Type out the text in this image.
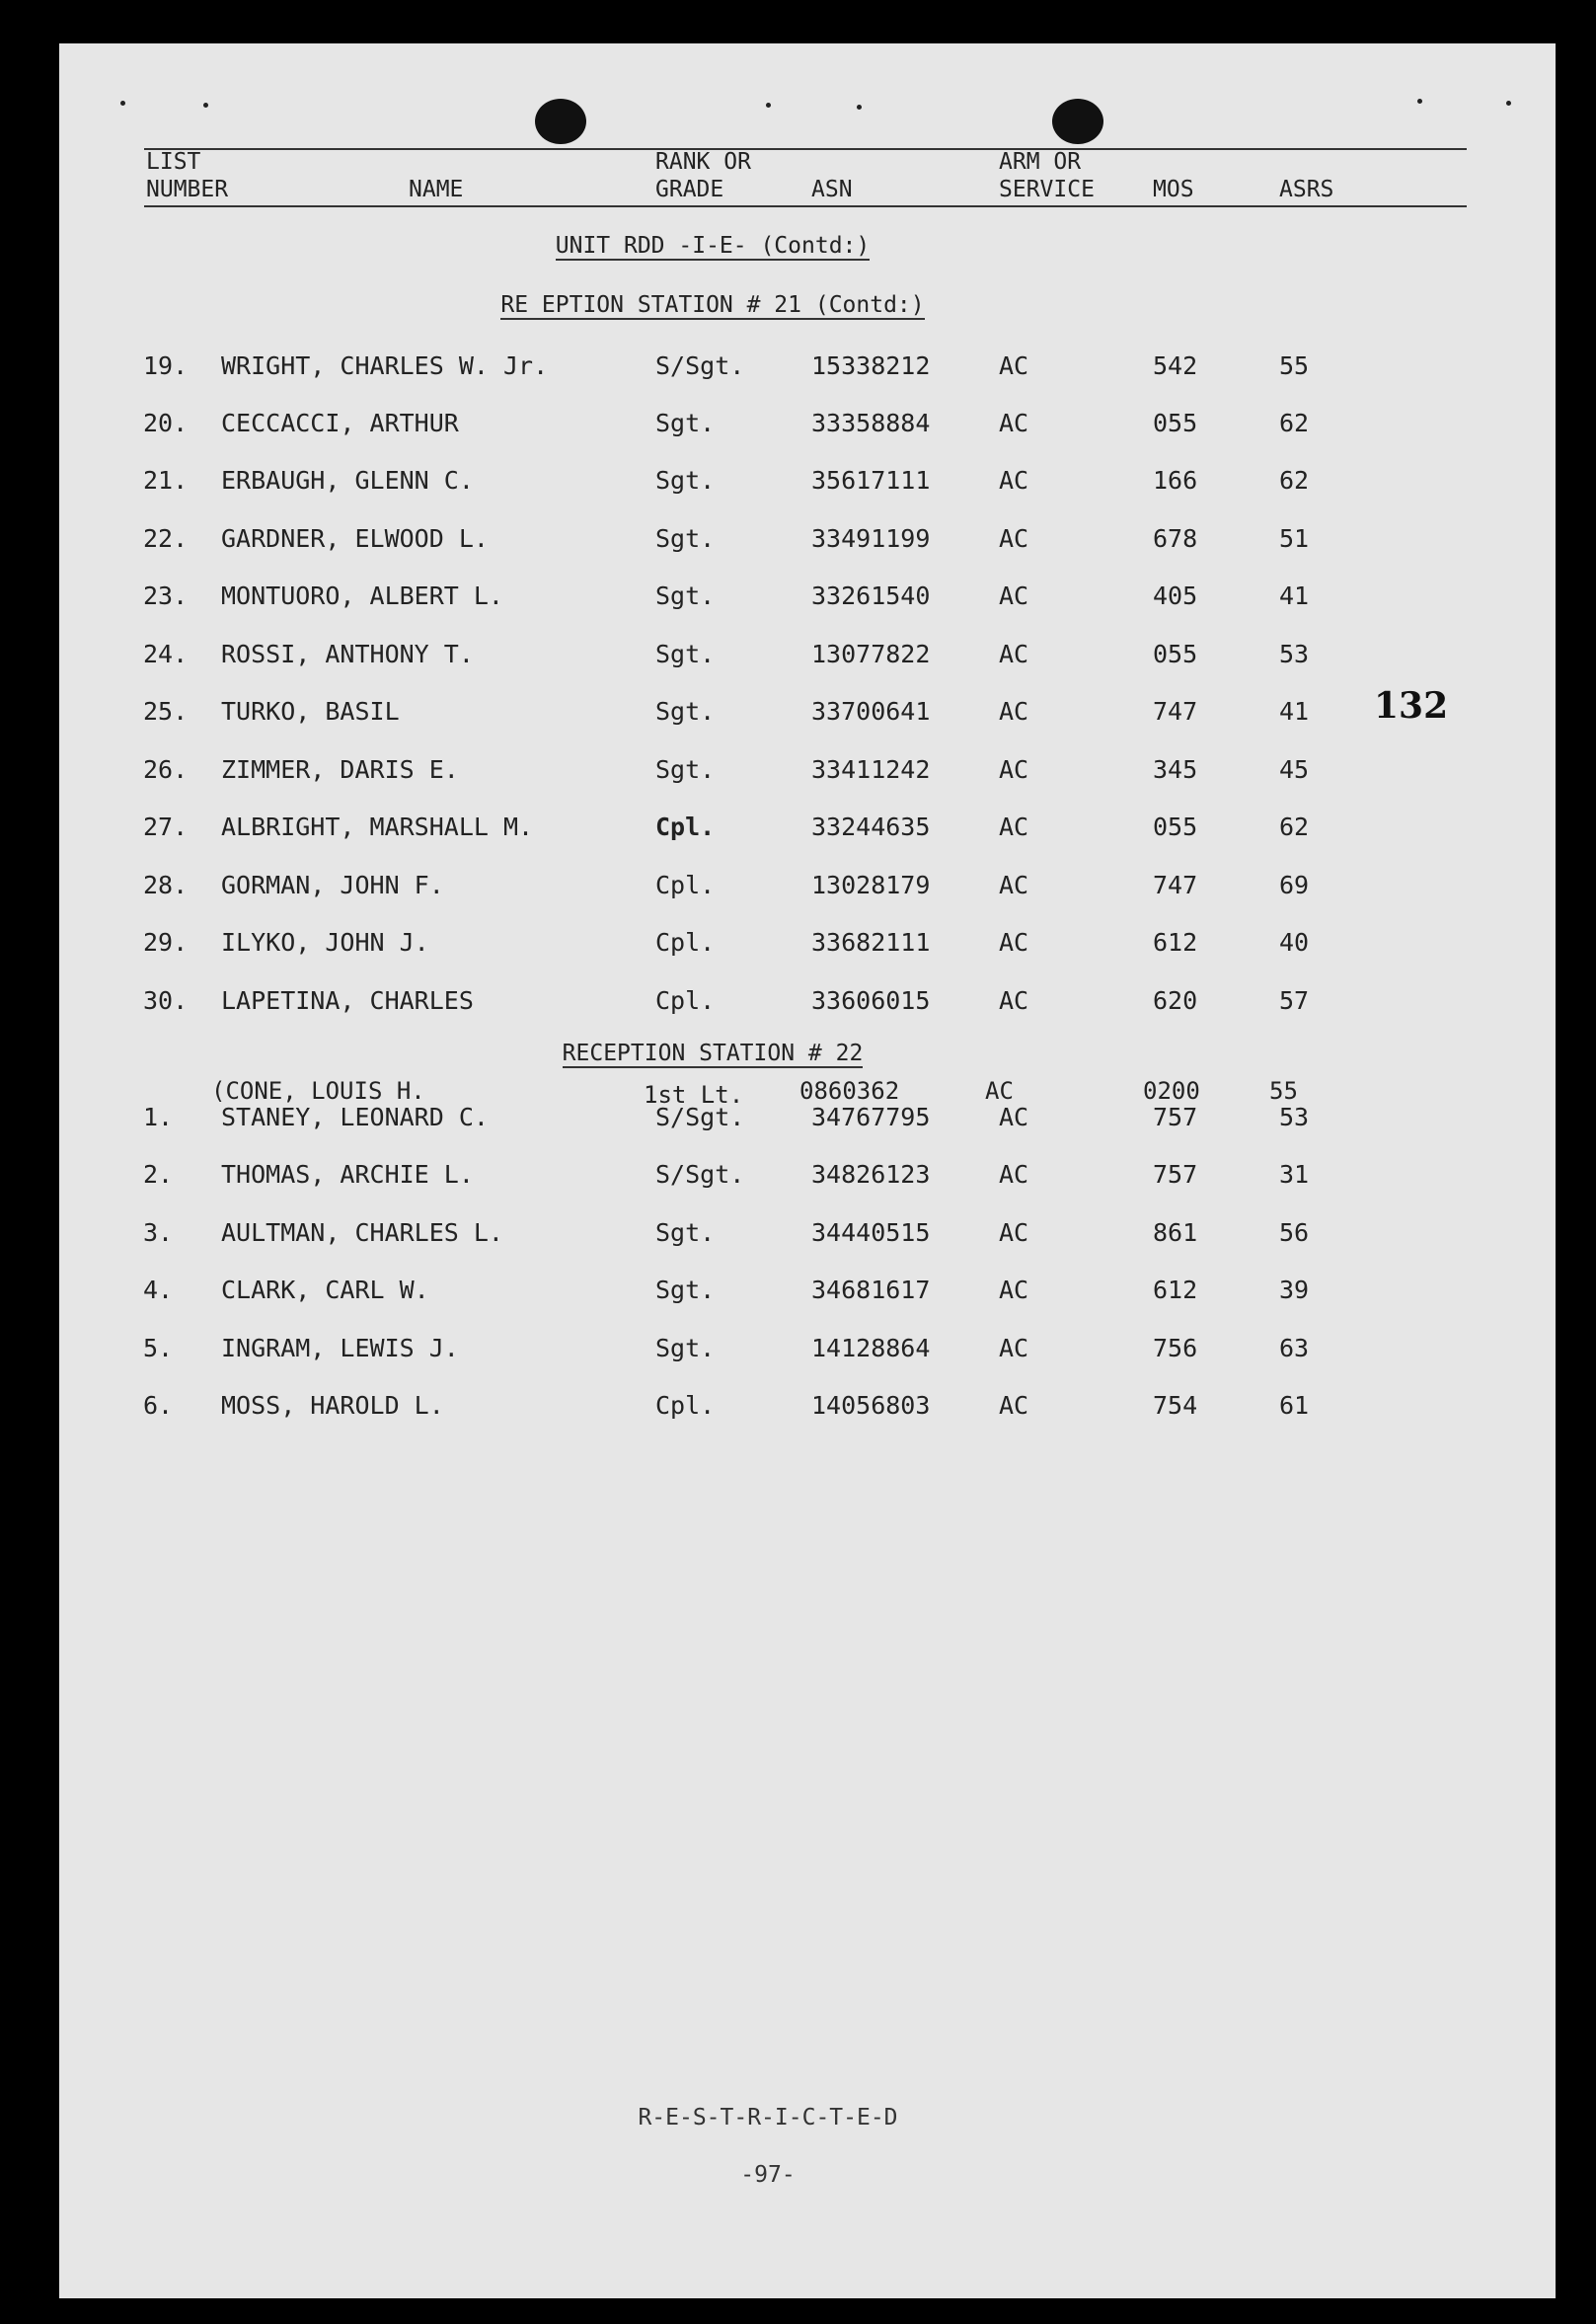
LIST
NUMBER	NAME
RANK OR
GRADE	ASN
ARM OR
SERVICE	MOS	ASRS
UNIT RDD -I-E- (Contd:)
RE EPTION STATION # 21 (Contd:)
19. WRIGHT, CHARLES W. Jr.	S/Sgt.	15338212	AC	542	55
20. CECCACCI, ARTHUR	Sgt.	33358884	AC	055	62
21. ERBAUGH, GLENN C.	Sgt.	35617111	AC	166	62
22. GARDNER, ELWOOD L.	Sgt.	33491199	AC	678	51
23. MONTUORO, ALBERT L.	Sgt.	33261540	AC	405	41
24. ROSSI, ANTHONY T.	Sgt.	13077822	AC	055	53
25. TURKO, BASIL	Sgt.	33700641	AC	747	41
26. ZIMMER, DARIS E.	Sgt.	33411242	AC	345	45
27. ALBRIGHT, MARSHALL M.	Cpl.	33244635	AC	055	62
28. GORMAN, JOHN F.	Cpl.	13028179	AC	747	69
29. ILYKO, JOHN J.	Cpl.	33682111	AC	612	40
30. LAPETINA, CHARLES	Cpl.	33606015	AC	620	57
RECEPTION STATION # 22
(CONE, LOUIS H.	1st Lt. 0860362	AC	0200	55
1. STANEY, LEONARD C.	S/Sgt.	34767795	AC	757	53
2. THOMAS, ARCHIE L.	S/Sgt.	34826123	AC	757	31
3. AULTMAN, CHARLES L.	Sgt.	34440515	AC	861	56
4. CLARK, CARL W.	Sgt.	34681617	AC	612	39
5. INGRAM, LEWIS J.	Sgt.	14128864	AC	756	63
6. MOSS, HAROLD L.	Cpl.	14056803	AC	754	61
132
R-E-S-T-R-I-C-T-E-D
-97-
